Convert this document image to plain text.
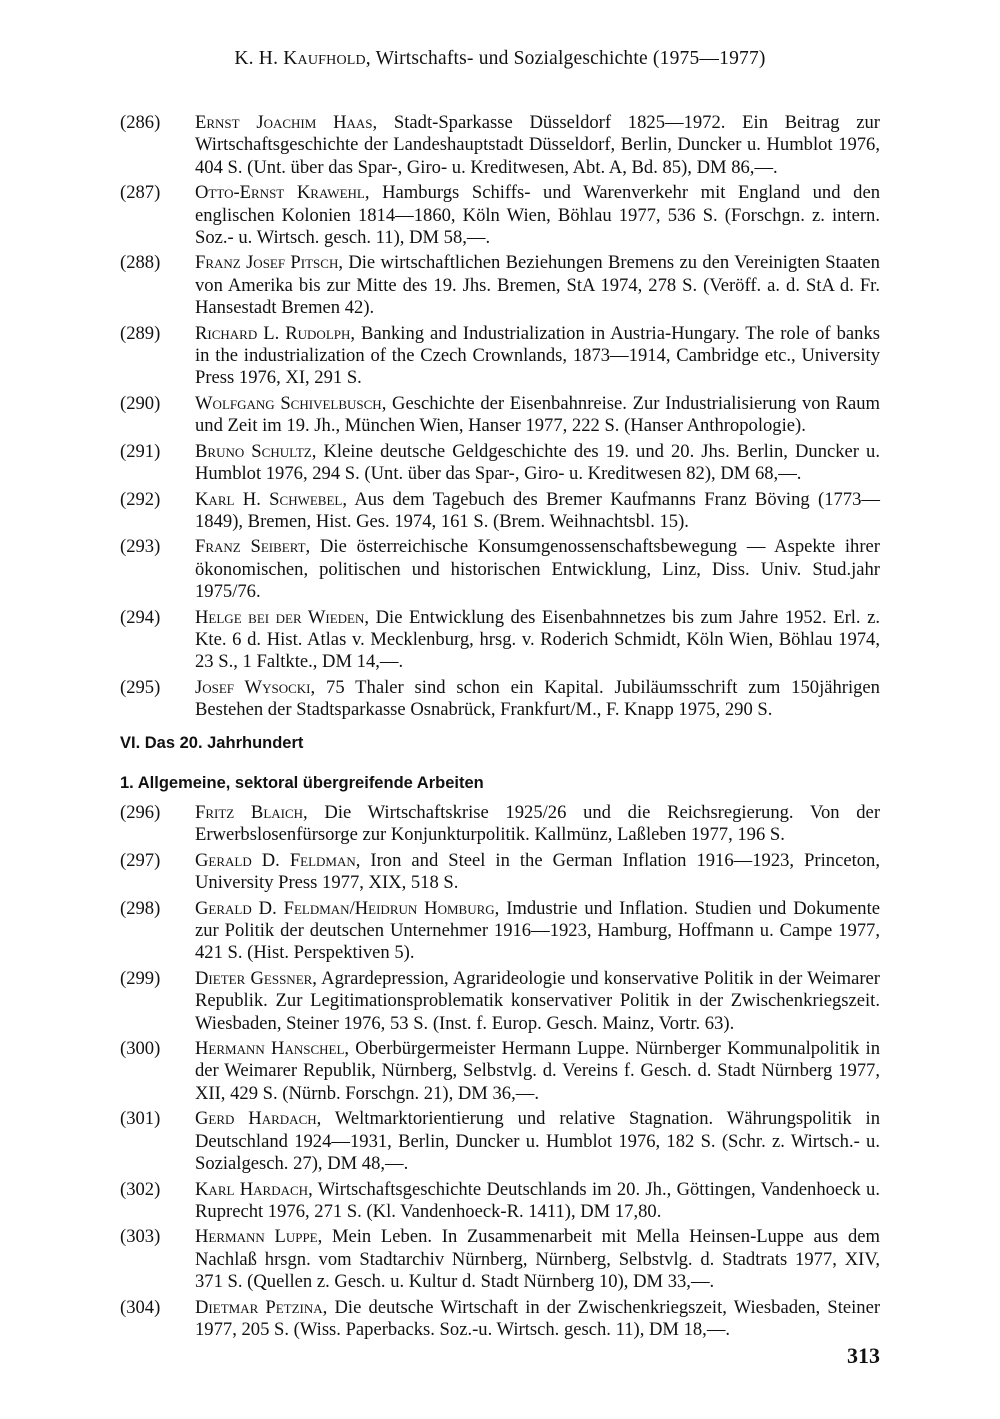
K. H. Kaufhold, Wirtschafts- und Sozialgeschichte (1975—1977)
(286) Ernst Joachim Haas, Stadt-Sparkasse Düsseldorf 1825—1972. Ein Beitrag zur Wirtschaftsgeschichte der Landeshauptstadt Düsseldorf, Berlin, Duncker u. Humblot 1976, 404 S. (Unt. über das Spar-, Giro- u. Kreditwesen, Abt. A, Bd. 85), DM 86,—.
(287) Otto-Ernst Krawehl, Hamburgs Schiffs- und Warenverkehr mit England und den englischen Kolonien 1814—1860, Köln Wien, Böhlau 1977, 536 S. (Forschgn. z. intern. Soz.- u. Wirtsch. gesch. 11), DM 58,—.
(288) Franz Josef Pitsch, Die wirtschaftlichen Beziehungen Bremens zu den Vereinigten Staaten von Amerika bis zur Mitte des 19. Jhs. Bremen, StA 1974, 278 S. (Veröff. a. d. StA d. Fr. Hansestadt Bremen 42).
(289) Richard L. Rudolph, Banking and Industrialization in Austria-Hungary. The role of banks in the industrialization of the Czech Crownlands, 1873—1914, Cambridge etc., University Press 1976, XI, 291 S.
(290) Wolfgang Schivelbusch, Geschichte der Eisenbahnreise. Zur Industrialisierung von Raum und Zeit im 19. Jh., München Wien, Hanser 1977, 222 S. (Hanser Anthropologie).
(291) Bruno Schultz, Kleine deutsche Geldgeschichte des 19. und 20. Jhs. Berlin, Duncker u. Humblot 1976, 294 S. (Unt. über das Spar-, Giro- u. Kreditwesen 82), DM 68,—.
(292) Karl H. Schwebel, Aus dem Tagebuch des Bremer Kaufmanns Franz Böving (1773—1849), Bremen, Hist. Ges. 1974, 161 S. (Brem. Weihnachtsbl. 15).
(293) Franz Seibert, Die österreichische Konsumgenossenschaftsbewegung — Aspekte ihrer ökonomischen, politischen und historischen Entwicklung, Linz, Diss. Univ. Stud.jahr 1975/76.
(294) Helge bei der Wieden, Die Entwicklung des Eisenbahnnetzes bis zum Jahre 1952. Erl. z. Kte. 6 d. Hist. Atlas v. Mecklenburg, hrsg. v. Roderich Schmidt, Köln Wien, Böhlau 1974, 23 S., 1 Faltkte., DM 14,—.
(295) Josef Wysocki, 75 Thaler sind schon ein Kapital. Jubiläumsschrift zum 150jährigen Bestehen der Stadtsparkasse Osnabrück, Frankfurt/M., F. Knapp 1975, 290 S.
VI. Das 20. Jahrhundert
1. Allgemeine, sektoral übergreifende Arbeiten
(296) Fritz Blaich, Die Wirtschaftskrise 1925/26 und die Reichsregierung. Von der Erwerbslosenfürsorge zur Konjunkturpolitik. Kallmünz, Laßleben 1977, 196 S.
(297) Gerald D. Feldman, Iron and Steel in the German Inflation 1916—1923, Princeton, University Press 1977, XIX, 518 S.
(298) Gerald D. Feldman/Heidrun Homburg, Imdustrie und Inflation. Studien und Dokumente zur Politik der deutschen Unternehmer 1916—1923, Hamburg, Hoffmann u. Campe 1977, 421 S. (Hist. Perspektiven 5).
(299) Dieter Gessner, Agrardepression, Agrarideologie und konservative Politik in der Weimarer Republik. Zur Legitimationsproblematik konservativer Politik in der Zwischenkriegszeit. Wiesbaden, Steiner 1976, 53 S. (Inst. f. Europ. Gesch. Mainz, Vortr. 63).
(300) Hermann Hanschel, Oberbürgermeister Hermann Luppe. Nürnberger Kommunalpolitik in der Weimarer Republik, Nürnberg, Selbstvlg. d. Vereins f. Gesch. d. Stadt Nürnberg 1977, XII, 429 S. (Nürnb. Forschgn. 21), DM 36,—.
(301) Gerd Hardach, Weltmarktorientierung und relative Stagnation. Währungspolitik in Deutschland 1924—1931, Berlin, Duncker u. Humblot 1976, 182 S. (Schr. z. Wirtsch.- u. Sozialgesch. 27), DM 48,—.
(302) Karl Hardach, Wirtschaftsgeschichte Deutschlands im 20. Jh., Göttingen, Vandenhoeck u. Ruprecht 1976, 271 S. (Kl. Vandenhoeck-R. 1411), DM 17,80.
(303) Hermann Luppe, Mein Leben. In Zusammenarbeit mit Mella Heinsen-Luppe aus dem Nachlaß hrsgn. vom Stadtarchiv Nürnberg, Nürnberg, Selbstvlg. d. Stadtrats 1977, XIV, 371 S. (Quellen z. Gesch. u. Kultur d. Stadt Nürnberg 10), DM 33,—.
(304) Dietmar Petzina, Die deutsche Wirtschaft in der Zwischenkriegszeit, Wiesbaden, Steiner 1977, 205 S. (Wiss. Paperbacks. Soz.-u. Wirtsch. gesch. 11), DM 18,—.
313
